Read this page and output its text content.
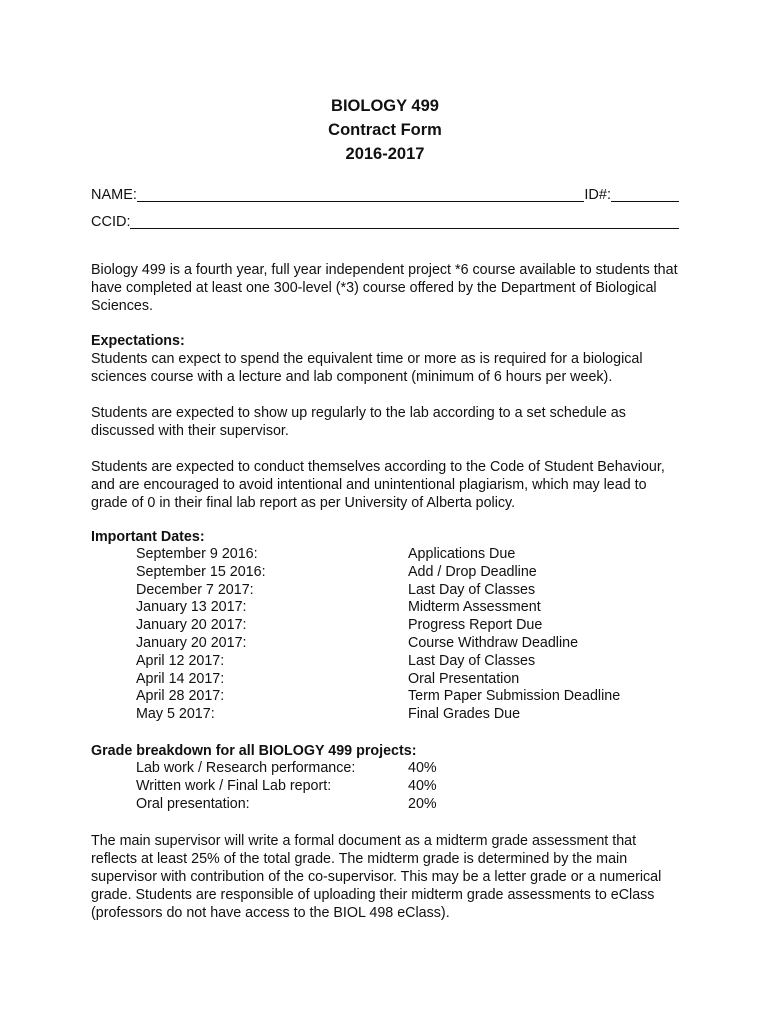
BIOLOGY 499
Contract Form
2016-2017
NAME:	ID#:
CCID:

Biology 499 is a fourth year, full year independent project *6 course available to students that have completed at least one 300-level (*3) course offered by the Department of Biological Sciences.

Expectations:
Students can expect to spend the equivalent time or more as is required for a biological sciences course with a lecture and lab component (minimum of 6 hours per week).
Students are expected to show up regularly to the lab according to a set schedule as discussed with their supervisor.
Students are expected to conduct themselves according to the Code of Student Behaviour, and are encouraged to avoid intentional and unintentional plagiarism, which may lead to grade of 0 in their final lab report as per University of Alberta policy.
Important Dates:
September 9 2016:	Applications Due
September 15 2016:	Add / Drop Deadline
December 7 2017:	Last Day of Classes
January 13 2017:	Midterm Assessment
January 20 2017:	Progress Report Due
January 20 2017:	Course Withdraw Deadline
April 12 2017:	Last Day of Classes
April 14 2017:	Oral Presentation
April 28 2017:	Term Paper Submission Deadline
May 5 2017:	Final Grades Due
Grade breakdown for all BIOLOGY 499 projects:
Lab work / Research performance:	40%
Written work / Final Lab report:	40%
Oral presentation:	20%

The main supervisor will write a formal document as a midterm grade assessment that reflects at least 25% of the total grade. The midterm grade is determined by the main supervisor with contribution of the co-supervisor. This may be a letter grade or a numerical grade. Students are responsible of uploading their midterm grade assessments to eClass (professors do not have access to the BIOL 498 eClass).
